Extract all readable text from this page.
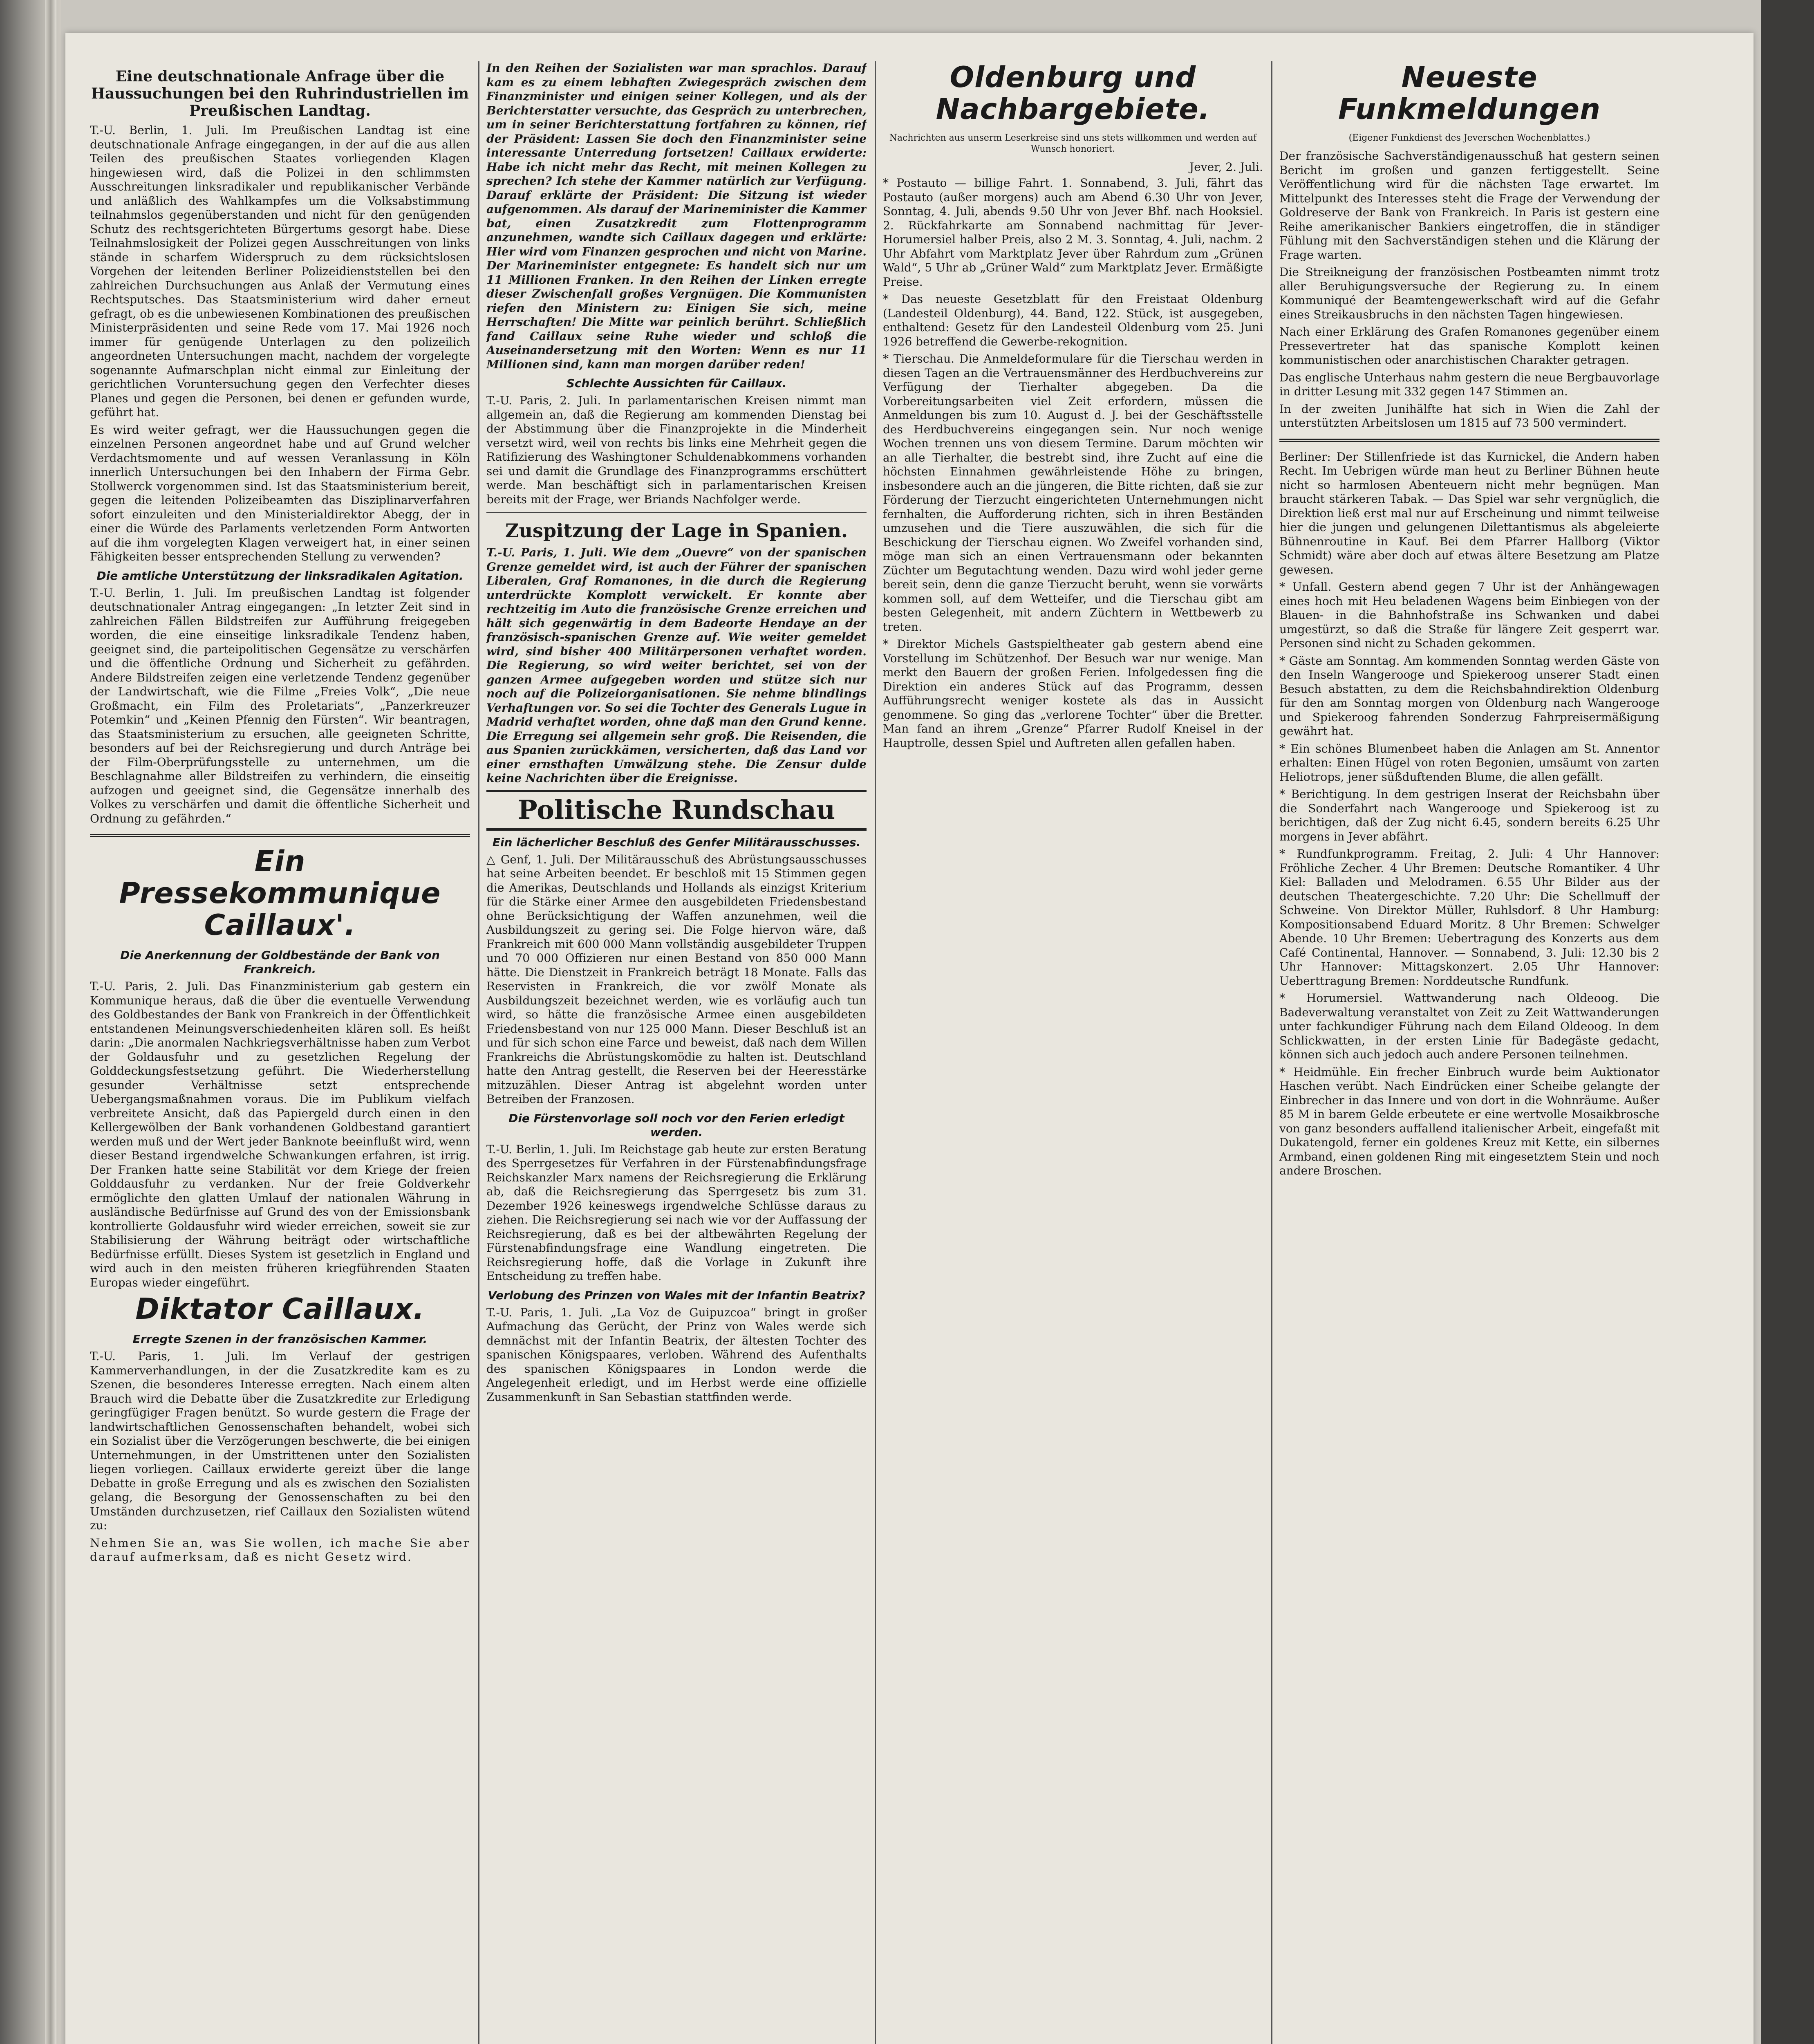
Eine deutschnationale Anfrage über die Haussuchungen bei den Ruhrindustriellen im Preußischen Landtag.

T.-U. Berlin, 1. Juli. Im Preußischen Landtag ist eine deutschnationale Anfrage eingegangen, in der auf die aus allen Teilen des preußischen Staates vorliegenden Klagen hingewiesen wird, daß die Polizei in den schlimmsten Ausschreitungen linksradikaler und republikanischer Verbände und anläßlich des Wahlkampfes um die Volksabstimmung teilnahmslos gegenüberstanden und nicht für den genügenden Schutz des rechtsgerichteten Bürgertums gesorgt habe. Diese Teilnahmslosigkeit der Polizei gegen Ausschreitungen von links stände in scharfem Widerspruch zu dem rücksichtslosen Vorgehen der leitenden Berliner Polizeidienststellen bei den zahlreichen Durchsuchungen aus Anlaß der Vermutung eines Rechtsputsches. Das Staatsministerium wird daher erneut gefragt, ob es die unbewiesenen Kombinationen des preußischen Ministerpräsidenten und seine Rede vom 17. Mai 1926 noch immer für genügende Unterlagen zu den polizeilich angeordneten Untersuchungen macht, nachdem der vorgelegte sogenannte Aufmarschplan nicht einmal zur Einleitung der gerichtlichen Voruntersuchung gegen den Verfechter dieses Planes und gegen die Personen, bei denen er gefunden wurde, geführt hat.

Es wird weiter gefragt, wer die Haussuchungen gegen die einzelnen Personen angeordnet habe und auf Grund welcher Verdachtsmomente und auf wessen Veranlassung in Köln innerlich Untersuchungen bei den Inhabern der Firma Gebr. Stollwerck vorgenommen sind. Ist das Staatsministerium bereit, gegen die leitenden Polizeibeamten das Disziplinarverfahren sofort einzuleiten und den Ministerialdirektor Abegg, der in einer die Würde des Parlaments verletzenden Form Antworten auf die ihm vorgelegten Klagen verweigert hat, in einer seinen Fähigkeiten besser entsprechenden Stellung zu verwenden?

Die amtliche Unterstützung der linksradikalen Agitation.

T.-U. Berlin, 1. Juli. Im preußischen Landtag ist folgender deutschnationaler Antrag eingegangen: „In letzter Zeit sind in zahlreichen Fällen Bildstreifen zur Aufführung freigegeben worden, die eine einseitige linksradikale Tendenz haben, geeignet sind, die parteipolitischen Gegensätze zu verschärfen und die öffentliche Ordnung und Sicherheit zu gefährden. Andere Bildstreifen zeigen eine verletzende Tendenz gegenüber der Landwirtschaft, wie die Filme „Freies Volk“, „Die neue Großmacht, ein Film des Proletariats“, „Panzerkreuzer Potemkin“ und „Keinen Pfennig den Fürsten“. Wir beantragen, das Staatsministerium zu ersuchen, alle geeigneten Schritte, besonders auf bei der Reichsregierung und durch Anträge bei der Film-Oberprüfungsstelle zu unternehmen, um die Beschlagnahme aller Bildstreifen zu verhindern, die einseitig aufzogen und geeignet sind, die Gegensätze innerhalb des Volkes zu verschärfen und damit die öffentliche Sicherheit und Ordnung zu gefährden.“

Ein Pressekommunique Caillaux'.
Die Anerkennung der Goldbestände der Bank von Frankreich.

T.-U. Paris, 2. Juli. Das Finanzministerium gab gestern ein Kommunique heraus, daß die über die eventuelle Verwendung des Goldbestandes der Bank von Frankreich in der Öffentlichkeit entstandenen Meinungsverschiedenheiten klären soll. Es heißt darin: „Die anormalen Nachkriegsverhältnisse haben zum Verbot der Goldausfuhr und zu gesetzlichen Regelung der Golddeckungsfestsetzung geführt. Die Wiederherstellung gesunder Verhältnisse setzt entsprechende Uebergangsmaßnahmen voraus. Die im Publikum vielfach verbreitete Ansicht, daß das Papiergeld durch einen in den Kellergewölben der Bank vorhandenen Goldbestand garantiert werden muß und der Wert jeder Banknote beeinflußt wird, wenn dieser Bestand irgendwelche Schwankungen erfahren, ist irrig. Der Franken hatte seine Stabilität vor dem Kriege der freien Golddausfuhr zu verdanken. Nur der freie Goldverkehr ermöglichte den glatten Umlauf der nationalen Währung in ausländische Bedürfnisse auf Grund des von der Emissionsbank kontrollierte Goldausfuhr wird wieder erreichen, soweit sie zur Stabilisierung der Währung beiträgt oder wirtschaftliche Bedürfnisse erfüllt. Dieses System ist gesetzlich in England und wird auch in den meisten früheren kriegführenden Staaten Europas wieder eingeführt.

Diktator Caillaux.
Erregte Szenen in der französischen Kammer.

T.-U. Paris, 1. Juli. Im Verlauf der gestrigen Kammerverhandlungen, in der die Zusatzkredite kam es zu Szenen, die besonderes Interesse erregten. Nach einem alten Brauch wird die Debatte über die Zusatzkredite zur Erledigung geringfügiger Fragen benützt. So wurde gestern die Frage der landwirtschaftlichen Genossenschaften behandelt, wobei sich ein Sozialist über die Verzögerungen beschwerte, die bei einigen Unternehmungen, in der Umstrittenen unter den Sozialisten liegen vorliegen. Caillaux erwiderte gereizt über die lange Debatte in große Erregung und als es zwischen den Sozialisten gelang, die Besorgung der Genossenschaften zu bei den Umständen durchzusetzen, rief Caillaux den Sozialisten wütend zu:

Nehmen Sie an, was Sie wollen, ich mache Sie aber darauf aufmerksam, daß es nicht Gesetz wird.

In den Reihen der Sozialisten war man sprachlos. Darauf kam es zu einem lebhaften Zwiegespräch zwischen dem Finanzminister und einigen seiner Kollegen, und als der Berichterstatter versuchte, das Gespräch zu unterbrechen, um in seiner Berichterstattung fortfahren zu können, rief der Präsident: Lassen Sie doch den Finanzminister seine interessante Unterredung fortsetzen! Caillaux erwiderte: Habe ich nicht mehr das Recht, mit meinen Kollegen zu sprechen? Ich stehe der Kammer natürlich zur Verfügung. Darauf erklärte der Präsident: Die Sitzung ist wieder aufgenommen. Als darauf der Marineminister die Kammer bat, einen Zusatzkredit zum Flottenprogramm anzunehmen, wandte sich Caillaux dagegen und erklärte: Hier wird vom Finanzen gesprochen und nicht von Marine. Der Marineminister entgegnete: Es handelt sich nur um 11 Millionen Franken. In den Reihen der Linken erregte dieser Zwischenfall großes Vergnügen. Die Kommunisten riefen den Ministern zu: Einigen Sie sich, meine Herrschaften! Die Mitte war peinlich berührt. Schließlich fand Caillaux seine Ruhe wieder und schloß die Auseinandersetzung mit den Worten: Wenn es nur 11 Millionen sind, kann man morgen darüber reden!

Schlechte Aussichten für Caillaux.

T.-U. Paris, 2. Juli. In parlamentarischen Kreisen nimmt man allgemein an, daß die Regierung am kommenden Dienstag bei der Abstimmung über die Finanzprojekte in die Minderheit versetzt wird, weil von rechts bis links eine Mehrheit gegen die Ratifizierung des Washingtoner Schuldenabkommens vorhanden sei und damit die Grundlage des Finanzprogramms erschüttert werde. Man beschäftigt sich in parlamentarischen Kreisen bereits mit der Frage, wer Briands Nachfolger werde.

Zuspitzung der Lage in Spanien.

T.-U. Paris, 1. Juli. Wie dem „Ouevre“ von der spanischen Grenze gemeldet wird, ist auch der Führer der spanischen Liberalen, Graf Romanones, in die durch die Regierung unterdrückte Komplott verwickelt. Er konnte aber rechtzeitig im Auto die französische Grenze erreichen und hält sich gegenwärtig in dem Badeorte Hendaye an der französisch-spanischen Grenze auf. Wie weiter gemeldet wird, sind bisher 400 Militärpersonen verhaftet worden. Die Regierung, so wird weiter berichtet, sei von der ganzen Armee aufgegeben worden und stütze sich nur noch auf die Polizeiorganisationen. Sie nehme blindlings Verhaftungen vor. So sei die Tochter des Generals Lugue in Madrid verhaftet worden, ohne daß man den Grund kenne. Die Erregung sei allgemein sehr groß. Die Reisenden, die aus Spanien zurückkämen, versicherten, daß das Land vor einer ernsthaften Umwälzung stehe. Die Zensur dulde keine Nachrichten über die Ereignisse.

Politische Rundschau
Ein lächerlicher Beschluß des Genfer Militärausschusses.

△ Genf, 1. Juli. Der Militärausschuß des Abrüstungsausschusses hat seine Arbeiten beendet. Er beschloß mit 15 Stimmen gegen die Amerikas, Deutschlands und Hollands als einzigst Kriterium für die Stärke einer Armee den ausgebildeten Friedensbestand ohne Berücksichtigung der Waffen anzunehmen, weil die Ausbildungszeit zu gering sei. Die Folge hiervon wäre, daß Frankreich mit 600 000 Mann vollständig ausgebildeter Truppen und 70 000 Offizieren nur einen Bestand von 850 000 Mann hätte. Die Dienstzeit in Frankreich beträgt 18 Monate. Falls das Reservisten in Frankreich, die vor zwölf Monate als Ausbildungszeit bezeichnet werden, wie es vorläufig auch tun wird, so hätte die französische Armee einen ausgebildeten Friedensbestand von nur 125 000 Mann. Dieser Beschluß ist an und für sich schon eine Farce und beweist, daß nach dem Willen Frankreichs die Abrüstungskomödie zu halten ist. Deutschland hatte den Antrag gestellt, die Reserven bei der Heeresstärke mitzuzählen. Dieser Antrag ist abgelehnt worden unter Betreiben der Franzosen.

Die Fürstenvorlage soll noch vor den Ferien erledigt werden.

T.-U. Berlin, 1. Juli. Im Reichstage gab heute zur ersten Beratung des Sperrgesetzes für Verfahren in der Fürstenabfindungsfrage Reichskanzler Marx namens der Reichsregierung die Erklärung ab, daß die Reichsregierung das Sperrgesetz bis zum 31. Dezember 1926 keineswegs irgendwelche Schlüsse daraus zu ziehen. Die Reichsregierung sei nach wie vor der Auffassung der Reichsregierung, daß es bei der altbewährten Regelung der Fürstenabfindungsfrage eine Wandlung eingetreten. Die Reichsregierung hoffe, daß die Vorlage in Zukunft ihre Entscheidung zu treffen habe.

Verlobung des Prinzen von Wales mit der Infantin Beatrix?

T.-U. Paris, 1. Juli. „La Voz de Guipuzcoa“ bringt in großer Aufmachung das Gerücht, der Prinz von Wales werde sich demnächst mit der Infantin Beatrix, der ältesten Tochter des spanischen Königspaares, verloben. Während des Aufenthalts des spanischen Königspaares in London werde die Angelegenheit erledigt, und im Herbst werde eine offizielle Zusammenkunft in San Sebastian stattfinden werde.

Oldenburg und Nachbargebiete.
Nachrichten aus unserm Leserkreise sind uns stets willkommen und werden auf Wunsch honoriert.
Jever, 2. Juli.

* Postauto — billige Fahrt. 1. Sonnabend, 3. Juli, fährt das Postauto (außer morgens) auch am Abend 6.30 Uhr von Jever, Sonntag, 4. Juli, abends 9.50 Uhr von Jever Bhf. nach Hooksiel. 2. Rückfahrkarte am Sonnabend nachmittag für Jever-Horumersiel halber Preis, also 2 M. 3. Sonntag, 4. Juli, nachm. 2 Uhr Abfahrt vom Marktplatz Jever über Rahrdum zum „Grünen Wald“, 5 Uhr ab „Grüner Wald“ zum Marktplatz Jever. Ermäßigte Preise.

* Das neueste Gesetzblatt für den Freistaat Oldenburg (Landesteil Oldenburg), 44. Band, 122. Stück, ist ausgegeben, enthaltend: Gesetz für den Landesteil Oldenburg vom 25. Juni 1926 betreffend die Gewerbe-rekognition.

* Tierschau. Die Anmeldeformulare für die Tierschau werden in diesen Tagen an die Vertrauensmänner des Herdbuchvereins zur Verfügung der Tierhalter abgegeben. Da die Vorbereitungsarbeiten viel Zeit erfordern, müssen die Anmeldungen bis zum 10. August d. J. bei der Geschäftsstelle des Herdbuchvereins eingegangen sein. Nur noch wenige Wochen trennen uns von diesem Termine. Darum möchten wir an alle Tierhalter, die bestrebt sind, ihre Zucht auf eine die höchsten Einnahmen gewährleistende Höhe zu bringen, insbesondere auch an die jüngeren, die Bitte richten, daß sie zur Förderung der Tierzucht eingerichteten Unternehmungen nicht fernhalten, die Aufforderung richten, sich in ihren Beständen umzusehen und die Tiere auszuwählen, die sich für die Beschickung der Tierschau eignen. Wo Zweifel vorhanden sind, möge man sich an einen Vertrauensmann oder bekannten Züchter um Begutachtung wenden. Dazu wird wohl jeder gerne bereit sein, denn die ganze Tierzucht beruht, wenn sie vorwärts kommen soll, auf dem Wetteifer, und die Tierschau gibt am besten Gelegenheit, mit andern Züchtern in Wettbewerb zu treten.

* Direktor Michels Gastspieltheater gab gestern abend eine Vorstellung im Schützenhof. Der Besuch war nur wenige. Man merkt den Bauern der großen Ferien. Infolgedessen fing die Direktion ein anderes Stück auf das Programm, dessen Aufführungsrecht weniger kostete als das in Aussicht genommene. So ging das „verlorene Tochter“ über die Bretter. Man fand an ihrem „Grenze“ Pfarrer Rudolf Kneisel in der Hauptrolle, dessen Spiel und Auftreten allen gefallen haben.

Neueste Funkmeldungen
(Eigener Funkdienst des Jeverschen Wochenblattes.)

Der französische Sachverständigenausschuß hat gestern seinen Bericht im großen und ganzen fertiggestellt. Seine Veröffentlichung wird für die nächsten Tage erwartet. Im Mittelpunkt des Interesses steht die Frage der Verwendung der Goldreserve der Bank von Frankreich. In Paris ist gestern eine Reihe amerikanischer Bankiers eingetroffen, die in ständiger Fühlung mit den Sachverständigen stehen und die Klärung der Frage warten.

Die Streikneigung der französischen Postbeamten nimmt trotz aller Beruhigungsversuche der Regierung zu. In einem Kommuniqué der Beamtengewerkschaft wird auf die Gefahr eines Streikausbruchs in den nächsten Tagen hingewiesen.

Nach einer Erklärung des Grafen Romanones gegenüber einem Pressevertreter hat das spanische Komplott keinen kommunistischen oder anarchistischen Charakter getragen.

Das englische Unterhaus nahm gestern die neue Bergbauvorlage in dritter Lesung mit 332 gegen 147 Stimmen an.

In der zweiten Junihälfte hat sich in Wien die Zahl der unterstützten Arbeitslosen um 1815 auf 73 500 vermindert.

Berliner: Der Stillenfriede ist das Kurnickel, die Andern haben Recht. Im Uebrigen würde man heut zu Berliner Bühnen heute nicht so harmlosen Abenteuern nicht mehr begnügen. Man braucht stärkeren Tabak. — Das Spiel war sehr vergnüglich, die Direktion ließ erst mal nur auf Erscheinung und nimmt teilweise hier die jungen und gelungenen Dilettantismus als abgeleierte Bühnenroutine in Kauf. Bei dem Pfarrer Hallborg (Viktor Schmidt) wäre aber doch auf etwas ältere Besetzung am Platze gewesen.

* Unfall. Gestern abend gegen 7 Uhr ist der Anhängewagen eines hoch mit Heu beladenen Wagens beim Einbiegen von der Blauen- in die Bahnhofstraße ins Schwanken und dabei umgestürzt, so daß die Straße für längere Zeit gesperrt war. Personen sind nicht zu Schaden gekommen.

* Gäste am Sonntag. Am kommenden Sonntag werden Gäste von den Inseln Wangerooge und Spiekeroog unserer Stadt einen Besuch abstatten, zu dem die Reichsbahndirektion Oldenburg für den am Sonntag morgen von Oldenburg nach Wangerooge und Spiekeroog fahrenden Sonderzug Fahrpreisermäßigung gewährt hat.

* Ein schönes Blumenbeet haben die Anlagen am St. Annentor erhalten: Einen Hügel von roten Begonien, umsäumt von zarten Heliotrops, jener süßduftenden Blume, die allen gefällt.

* Berichtigung. In dem gestrigen Inserat der Reichsbahn über die Sonderfahrt nach Wangerooge und Spiekeroog ist zu berichtigen, daß der Zug nicht 6.45, sondern bereits 6.25 Uhr morgens in Jever abfährt.

* Rundfunkprogramm. Freitag, 2. Juli: 4 Uhr Hannover: Fröhliche Zecher. 4 Uhr Bremen: Deutsche Romantiker. 4 Uhr Kiel: Balladen und Melodramen. 6.55 Uhr Bilder aus der deutschen Theatergeschichte. 7.20 Uhr: Die Schellmuff der Schweine. Von Direktor Müller, Ruhlsdorf. 8 Uhr Hamburg: Kompositionsabend Eduard Moritz. 8 Uhr Bremen: Schwelger Abende. 10 Uhr Bremen: Uebertragung des Konzerts aus dem Café Continental, Hannover. — Sonnabend, 3. Juli: 12.30 bis 2 Uhr Hannover: Mittagskonzert. 2.05 Uhr Hannover: Ueberttragung Bremen: Norddeutsche Rundfunk.

* Horumersiel. Wattwanderung nach Oldeoog. Die Badeverwaltung veranstaltet von Zeit zu Zeit Wattwanderungen unter fachkundiger Führung nach dem Eiland Oldeoog. In dem Schlickwatten, in der ersten Linie für Badegäste gedacht, können sich auch jedoch auch andere Personen teilnehmen.

* Heidmühle. Ein frecher Einbruch wurde beim Auktionator Haschen verübt. Nach Eindrücken einer Scheibe gelangte der Einbrecher in das Innere und von dort in die Wohnräume. Außer 85 M in barem Gelde erbeutete er eine wertvolle Mosaikbrosche von ganz besonders auffallend italienischer Arbeit, eingefaßt mit Dukatengold, ferner ein goldenes Kreuz mit Kette, ein silbernes Armband, einen goldenen Ring mit eingesetztem Stein und noch andere Broschen.
